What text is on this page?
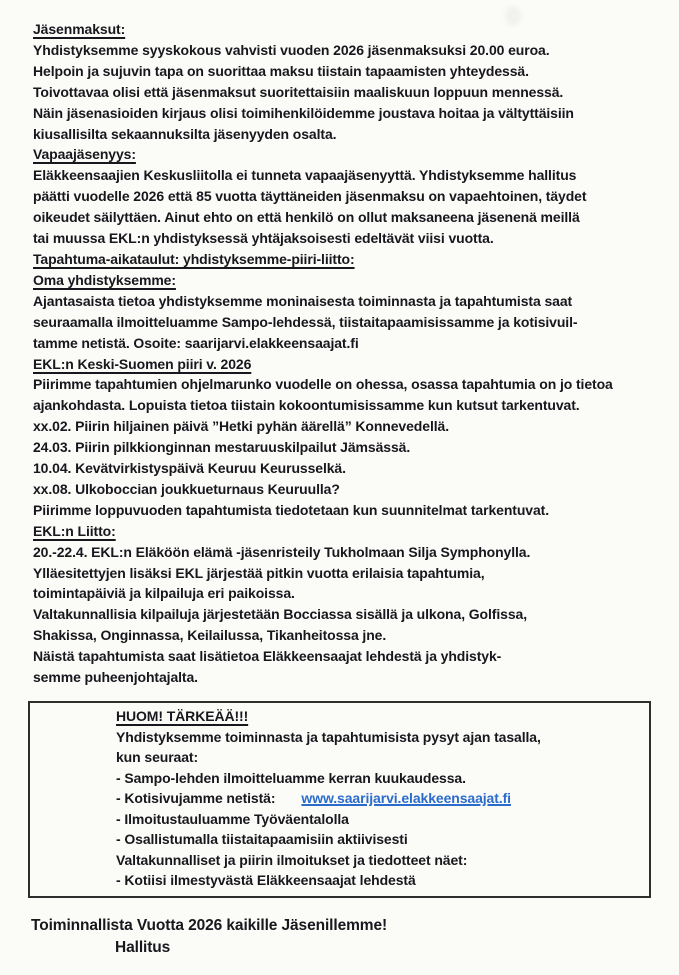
Jäsenmaksut:
Yhdistyksemme syyskokous vahvisti vuoden 2026 jäsenmaksuksi 20.00 euroa.
Helpoin ja sujuvin tapa on suorittaa maksu tiistain tapaamisten yhteydessä.
Toivottavaa olisi että jäsenmaksut suoritettaisiin maaliskuun loppuun mennessä.
Näin jäsenasioiden kirjaus olisi toimihenkilöidemme joustava hoitaa ja vältyttäisiin
kiusallisilta sekaannuksilta jäsenyyden osalta.
Vapaajäsenyys:
Eläkkeensaajien Keskusliitolla ei tunneta vapaajäsenyyttä. Yhdistyksemme hallitus
päätti vuodelle 2026 että 85 vuotta täyttäneiden jäsenmaksu on vapaehtoinen, täydet
oikeudet säilyttäen. Ainut ehto on että henkilö on ollut maksaneena jäsenenä meillä
tai muussa EKL:n yhdistyksessä yhtäjaksoisesti edeltävät viisi vuotta.
Tapahtuma-aikataulut: yhdistyksemme-piiri-liitto:
Oma yhdistyksemme:
Ajantasaista tietoa yhdistyksemme moninaisesta toiminnasta ja tapahtumista saat
seuraamalla ilmoitteluamme Sampo-lehdessä, tiistaitapaamisissamme ja kotisivuil-
tamme netistä. Osoite: saarijarvi.elakkeensaajat.fi
EKL:n Keski-Suomen piiri v. 2026
Piirimme tapahtumien ohjelmarunko vuodelle on ohessa, osassa tapahtumia on jo tietoa
ajankohdasta. Lopuista tietoa tiistain kokoontumisissamme kun kutsut tarkentuvat.
xx.02. Piirin hiljainen päivä ”Hetki pyhän äärellä” Konnevedellä.
24.03. Piirin pilkkionginnan mestaruuskilpailut Jämsässä.
10.04. Kevätvirkistyspäivä Keuruu Keurusselkä.
xx.08. Ulkoboccian joukkueturnaus Keuruulla?
Piirimme loppuvuoden tapahtumista tiedotetaan kun suunnitelmat tarkentuvat.
EKL:n Liitto:
20.-22.4. EKL:n Eläköön elämä -jäsenristeily Tukholmaan Silja Symphonylla.
Ylläesitettyjen lisäksi EKL järjestää pitkin vuotta erilaisia tapahtumia,
toimintapäiviä ja kilpailuja eri paikoissa.
Valtakunnallisia kilpailuja järjestetään Bocciassa sisällä ja ulkona, Golfissa,
Shakissa, Onginnassa, Keilailussa, Tikanheitossa jne.
Näistä tapahtumista saat lisätietoa Eläkkeensaajat lehdestä ja yhdistyk-
semme puheenjohtajalta.
HUOM! TÄRKEÄÄ!!!
Yhdistyksemme toiminnasta ja tapahtumisista pysyt ajan tasalla,
kun seuraat:
- Sampo-lehden ilmoitteluamme kerran kuukaudessa.
- Kotisivujamme netistä: www.saarijarvi.elakkeensaajat.fi
- Ilmoitustauluamme Työväentalolla
- Osallistumalla tiistaitapaamisiin aktiivisesti
Valtakunnalliset ja piirin ilmoitukset ja tiedotteet näet:
- Kotiisi ilmestyvästä Eläkkeensaajat lehdestä
Toiminnallista Vuotta 2026 kaikille Jäsenillemme!
Hallitus
